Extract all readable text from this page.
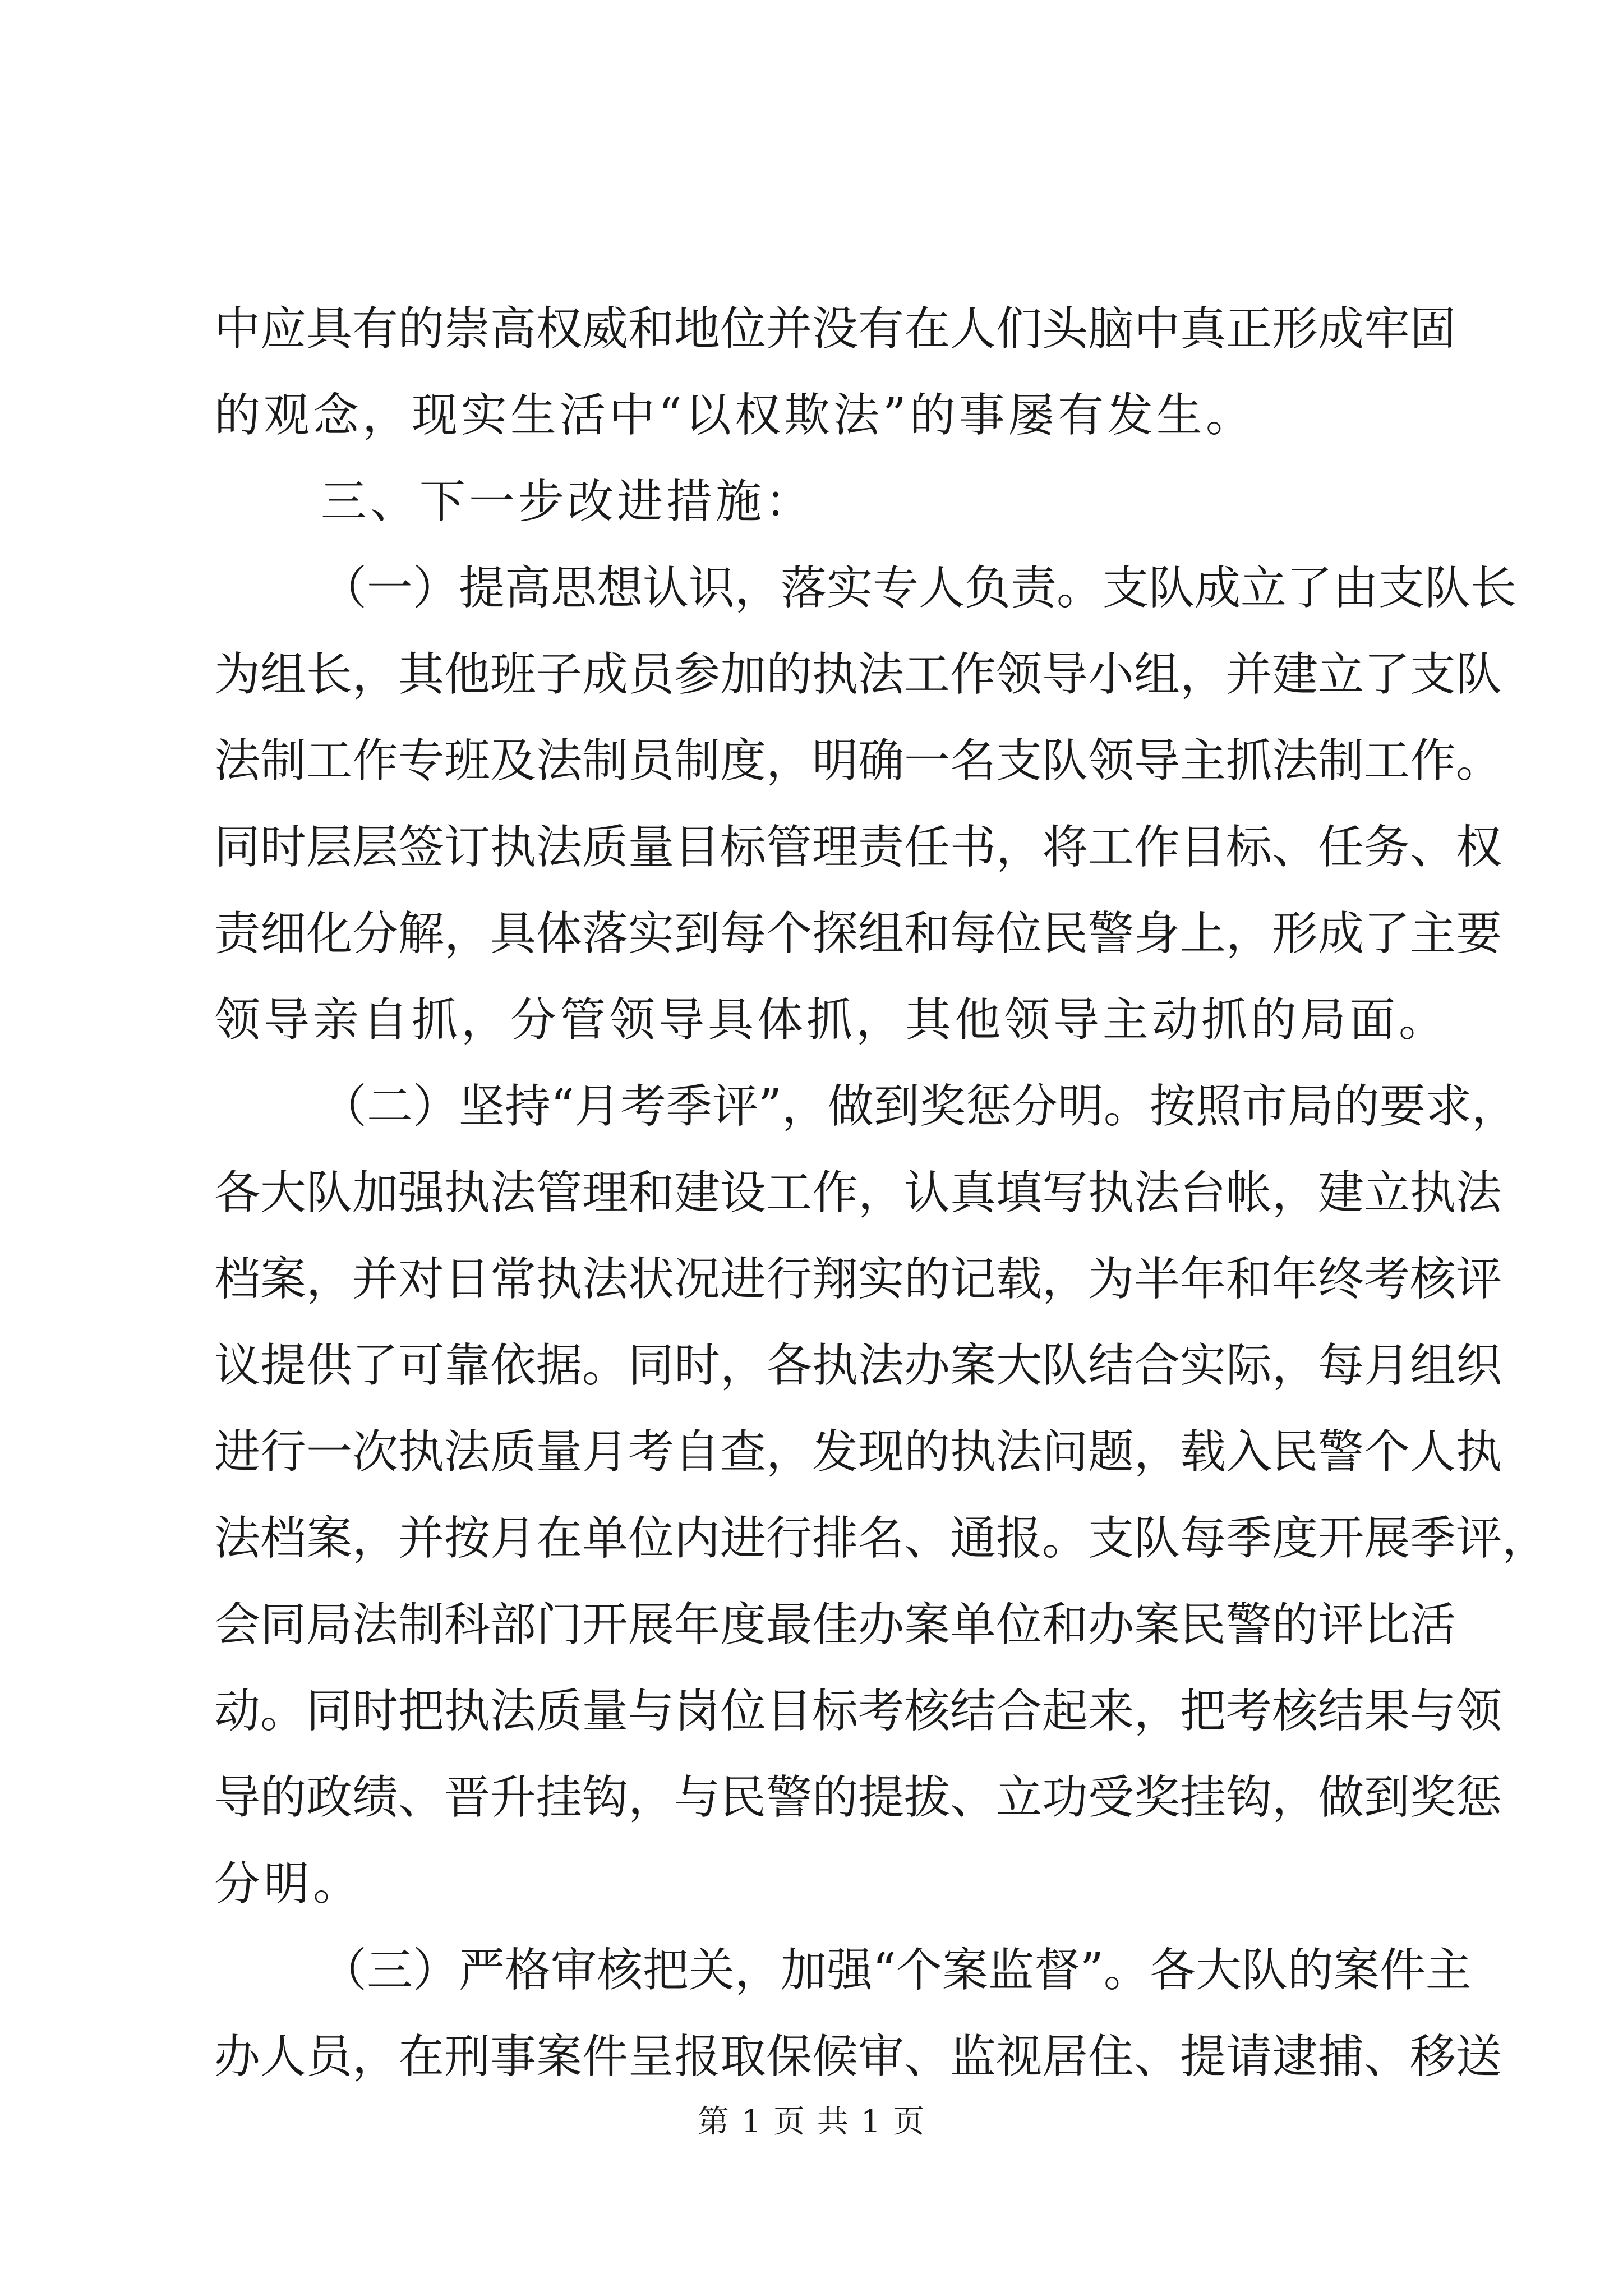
中应具有的崇高权威和地位并没有在人们头脑中真正形成牢固
的观念，现实生活中“以权欺法”的事屡有发生。
三、下一步改进措施：
（一）提高思想认识，落实专人负责。支队成立了由支队长
为组长，其他班子成员参加的执法工作领导小组，并建立了支队
法制工作专班及法制员制度，明确一名支队领导主抓法制工作。
同时层层签订执法质量目标管理责任书，将工作目标、任务、权
责细化分解，具体落实到每个探组和每位民警身上，形成了主要
领导亲自抓，分管领导具体抓，其他领导主动抓的局面。
（二）坚持“月考季评”，做到奖惩分明。按照市局的要求，
各大队加强执法管理和建设工作，认真填写执法台帐，建立执法
档案，并对日常执法状况进行翔实的记载，为半年和年终考核评
议提供了可靠依据。同时，各执法办案大队结合实际，每月组织
进行一次执法质量月考自查，发现的执法问题，载入民警个人执
法档案，并按月在单位内进行排名、通报。支队每季度开展季评，
会同局法制科部门开展年度最佳办案单位和办案民警的评比活
动。同时把执法质量与岗位目标考核结合起来，把考核结果与领
导的政绩、晋升挂钩，与民警的提拔、立功受奖挂钩，做到奖惩
分明。
（三）严格审核把关，加强“个案监督”。各大队的案件主
办人员，在刑事案件呈报取保候审、监视居住、提请逮捕、移送
第 1 页 共 1 页
